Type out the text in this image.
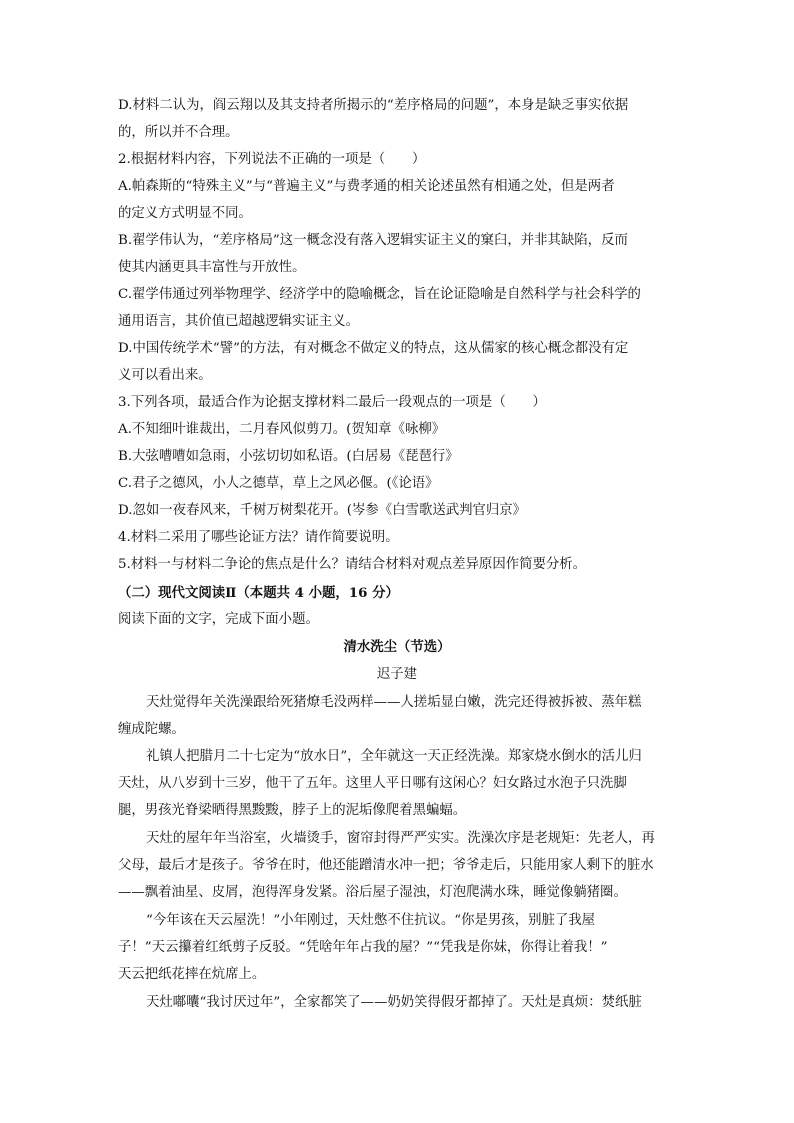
D.材料二认为，阎云翔以及其支持者所揭示的“差序格局的问题”，本身是缺乏事实依据
的，所以并不合理。
2.根据材料内容，下列说法不正确的一项是（　　）
A.帕森斯的“特殊主义”与“普遍主义”与费孝通的相关论述虽然有相通之处，但是两者
的定义方式明显不同。
B.翟学伟认为，“差序格局”这一概念没有落入逻辑实证主义的窠臼，并非其缺陷，反而
使其内涵更具丰富性与开放性。
C.翟学伟通过列举物理学、经济学中的隐喻概念，旨在论证隐喻是自然科学与社会科学的
通用语言，其价值已超越逻辑实证主义。
D.中国传统学术“譬”的方法，有对概念不做定义的特点，这从儒家的核心概念都没有定
义可以看出来。
3.下列各项，最适合作为论据支撑材料二最后一段观点的一项是（　　）
A.不知细叶谁裁出，二月春风似剪刀。(贺知章《咏柳》
B.大弦嘈嘈如急雨，小弦切切如私语。(白居易《琵琶行》
C.君子之德风，小人之德草，草上之风必偃。(《论语》
D.忽如一夜春风来，千树万树梨花开。(岑参《白雪歌送武判官归京》
4.材料二采用了哪些论证方法？请作简要说明。
5.材料一与材料二争论的焦点是什么？请结合材料对观点差异原因作简要分析。
（二）现代文阅读Ⅱ（本题共 4 小题，16 分）
阅读下面的文字，完成下面小题。
清水洗尘（节选）
迟子建
天灶觉得年关洗澡跟给死猪燎毛没两样——人搓垢显白嫩，洗完还得被拆被、蒸年糕
缠成陀螺。
礼镇人把腊月二十七定为“放水日”，全年就这一天正经洗澡。郑家烧水倒水的活儿归
天灶，从八岁到十三岁，他干了五年。这里人平日哪有这闲心？妇女路过水泡子只洗脚
腿，男孩光脊梁晒得黑黢黢，脖子上的泥垢像爬着黑蝙蝠。
天灶的屋年年当浴室，火墙烫手，窗帘封得严严实实。洗澡次序是老规矩：先老人，再
父母，最后才是孩子。爷爷在时，他还能蹭清水冲一把；爷爷走后，只能用家人剩下的脏水
——飘着油星、皮屑，泡得浑身发紧。浴后屋子湿浊，灯泡爬满水珠，睡觉像躺猪圈。
“今年该在天云屋洗！”小年刚过，天灶憋不住抗议。“你是男孩，别脏了我屋
子！”天云攥着红纸剪子反驳。“凭啥年年占我的屋？”“凭我是你妹，你得让着我！”
天云把纸花摔在炕席上。
天灶嘟囔“我讨厌过年”，全家都笑了——奶奶笑得假牙都掉了。天灶是真烦：焚纸脏
